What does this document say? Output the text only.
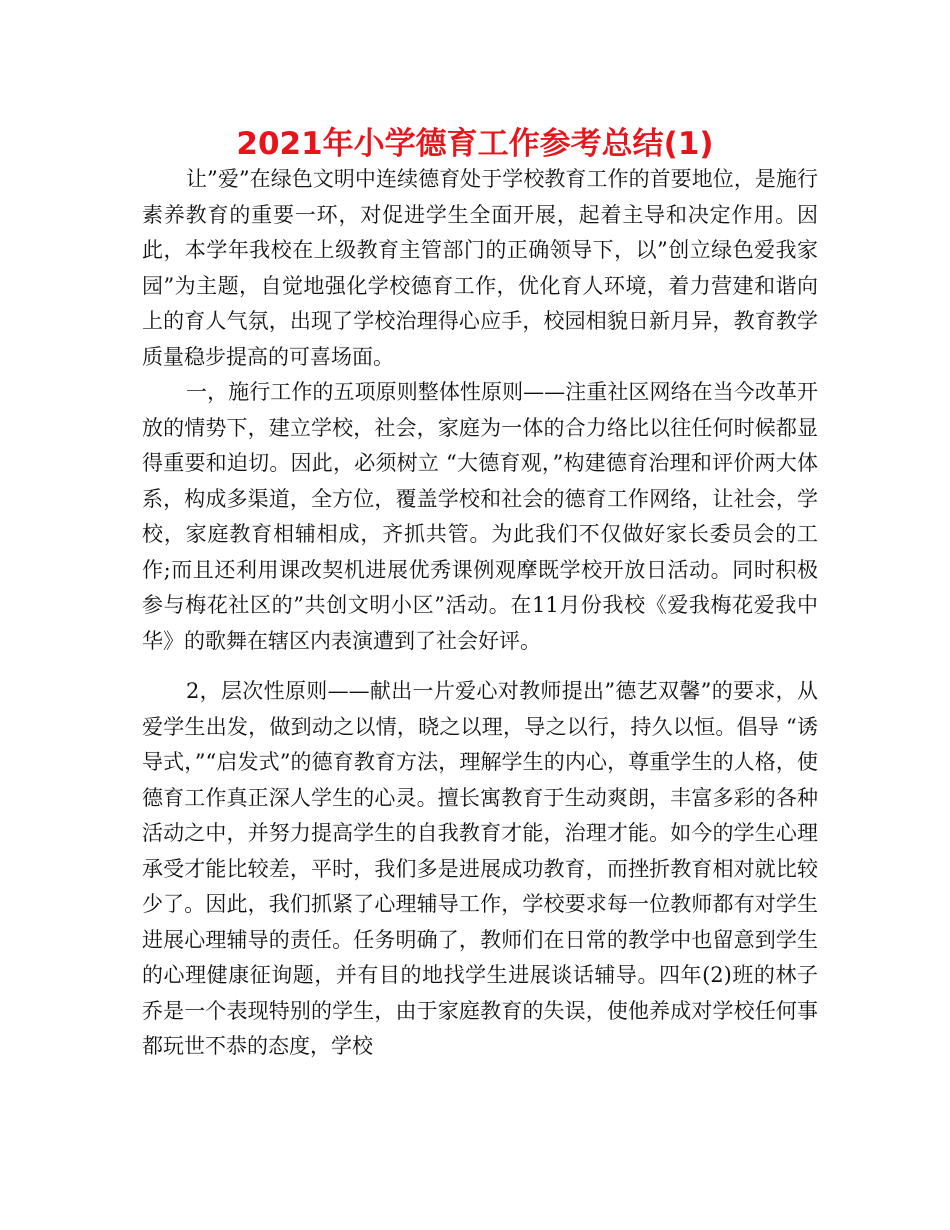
2021年小学德育工作参考总结(1)

让”爱”在绿色文明中连续德育处于学校教育工作的首要地位，是施行素养教育的重要一环，对促进学生全面开展，起着主导和决定作用。因此，本学年我校在上级教育主管部门的正确领导下，以”创立绿色爱我家园”为主题，自觉地强化学校德育工作，优化育人环境，着力营建和谐向上的育人气氛，出现了学校治理得心应手，校园相貌日新月异，教育教学质量稳步提高的可喜场面。

一，施行工作的五项原则整体性原则——注重社区网络在当今改革开放的情势下，建立学校，社会，家庭为一体的合力络比以往任何时候都显得重要和迫切。因此，必须树立 “大德育观，”构建德育治理和评价两大体系，构成多渠道，全方位，覆盖学校和社会的德育工作网络，让社会，学校，家庭教育相辅相成，齐抓共管。为此我们不仅做好家长委员会的工作;而且还利用课改契机进展优秀课例观摩既学校开放日活动。同时积极参与梅花社区的”共创文明小区”活动。在11月份我校《爱我梅花爱我中华》的歌舞在辖区内表演遭到了社会好评。

2，层次性原则——献出一片爱心对教师提出”德艺双馨”的要求，从爱学生出发，做到动之以情，晓之以理，导之以行，持久以恒。倡导 “诱导式，”“启发式”的德育教育方法，理解学生的内心，尊重学生的人格，使德育工作真正深人学生的心灵。擅长寓教育于生动爽朗，丰富多彩的各种活动之中，并努力提高学生的自我教育才能，治理才能。如今的学生心理承受才能比较差，平时，我们多是进展成功教育，而挫折教育相对就比较少了。因此，我们抓紧了心理辅导工作，学校要求每一位教师都有对学生进展心理辅导的责任。任务明确了，教师们在日常的教学中也留意到学生的心理健康征询题，并有目的地找学生进展谈话辅导。四年(2)班的林子乔是一个表现特别的学生，由于家庭教育的失误，使他养成对学校任何事都玩世不恭的态度，学校
